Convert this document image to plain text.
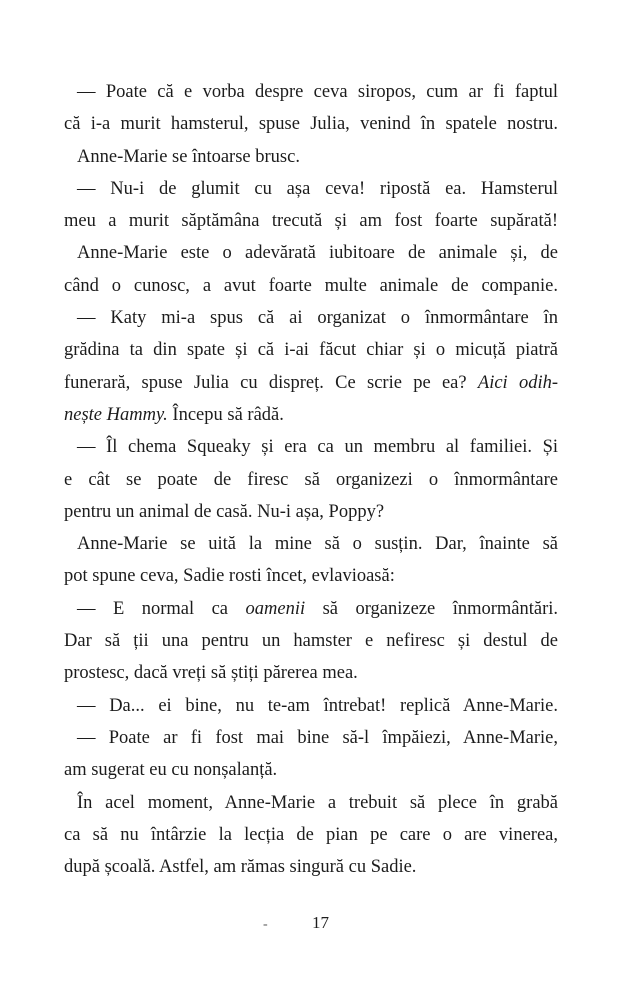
— Poate că e vorba despre ceva siropos, cum ar fi faptul
că i-a murit hamsterul, spuse Julia, venind în spatele nostru.
Anne-Marie se întoarse brusc.
— Nu-i de glumit cu așa ceva! ripostă ea. Hamsterul
meu a murit săptămâna trecută și am fost foarte supărată!
Anne-Marie este o adevărată iubitoare de animale și, de
când o cunosc, a avut foarte multe animale de companie.
— Katy mi-a spus că ai organizat o înmormântare în
grădina ta din spate și că i-ai făcut chiar și o micuță piatră
funerară, spuse Julia cu dispreț. Ce scrie pe ea? Aici odih-
nește Hammy. Începu să râdă.
— Îl chema Squeaky și era ca un membru al familiei. Și
e cât se poate de firesc să organizezi o înmormântare
pentru un animal de casă. Nu-i așa, Poppy?
Anne-Marie se uită la mine să o susțin. Dar, înainte să
pot spune ceva, Sadie rosti încet, evlavioasă:
— E normal ca oamenii să organizeze înmormântări.
Dar să ții una pentru un hamster e nefiresc și destul de
prostesc, dacă vreți să știți părerea mea.
— Da... ei bine, nu te-am întrebat! replică Anne-Marie.
— Poate ar fi fost mai bine să-l împăiezi, Anne-Marie,
am sugerat eu cu nonșalanță.
În acel moment, Anne-Marie a trebuit să plece în grabă
ca să nu întârzie la lecția de pian pe care o are vinerea,
după școală. Astfel, am rămas singură cu Sadie.
-	17
